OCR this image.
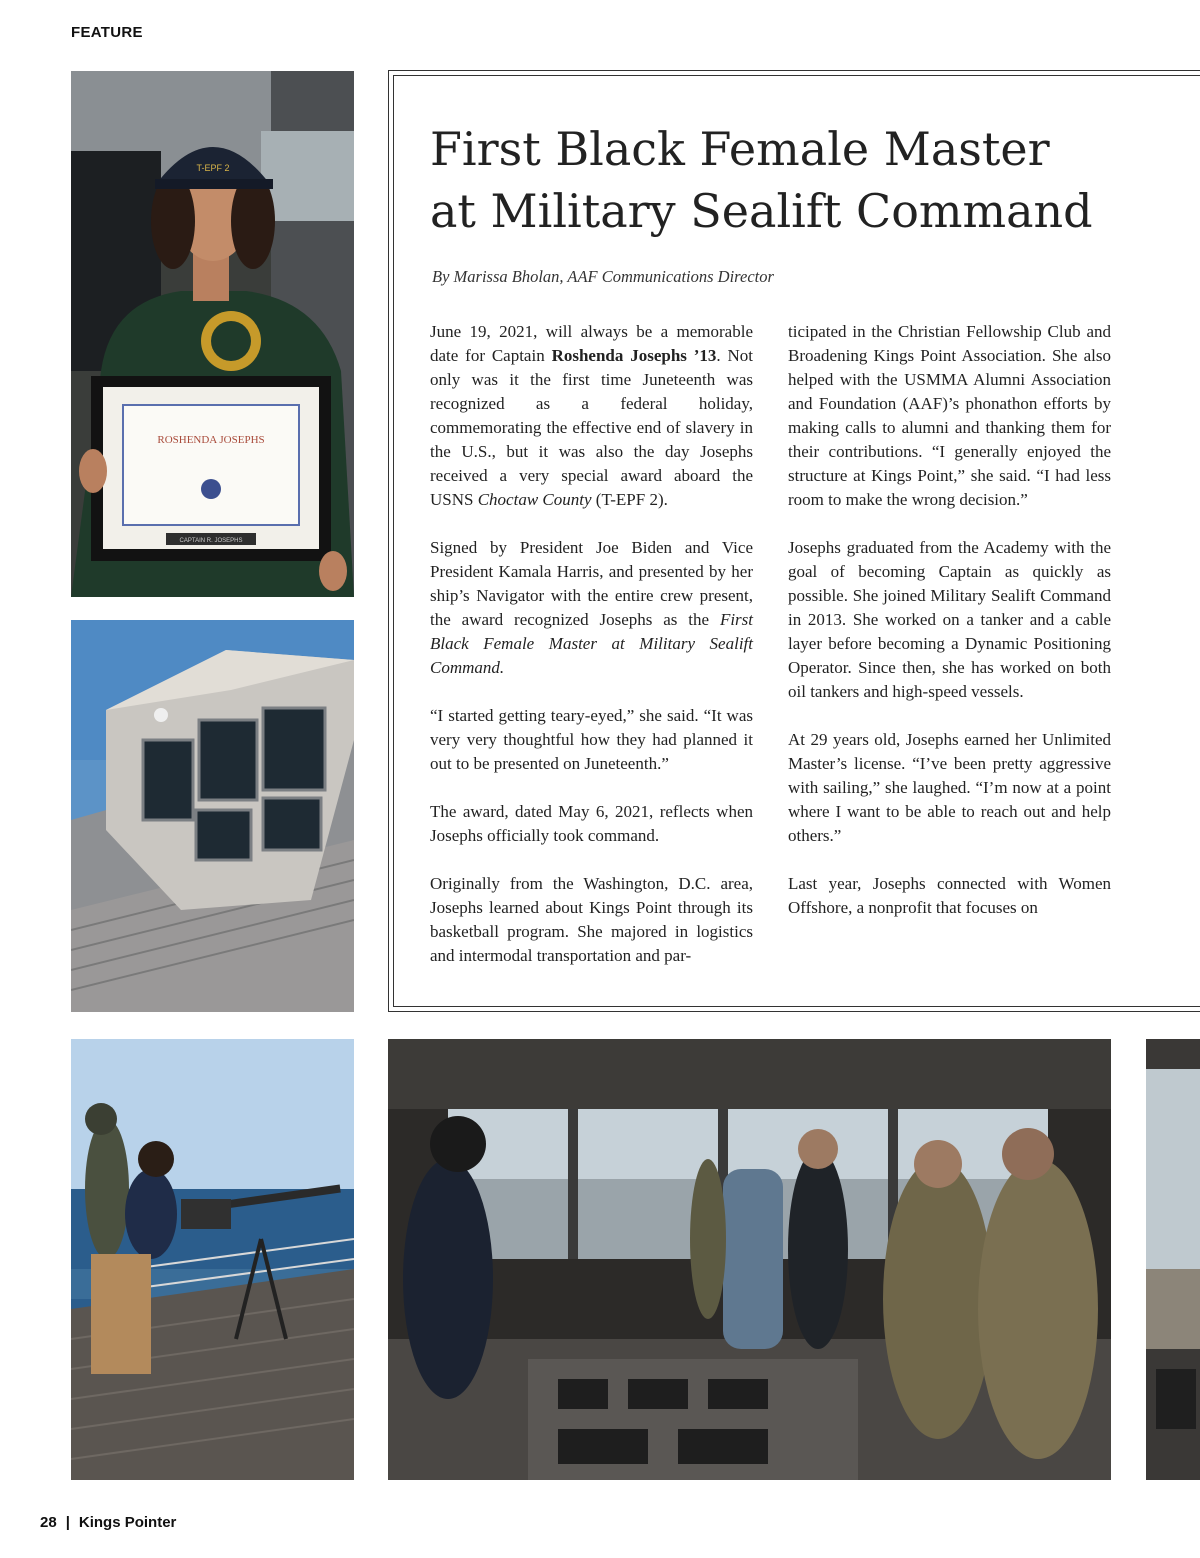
FEATURE
T-EPF 2
ROSHENDA JOSEPHS
CAPTAIN R. JOSEPHS
First Black Female Master
at Military Sealift Command
By Marissa Bholan, AAF Communications Director

June 19, 2021, will always be a memorable date for Captain Roshenda Josephs ’13. Not only was it the first time Juneteenth was recognized as a federal holiday, commemorating the effective end of slavery in the U.S., but it was also the day Josephs received a very special award aboard the USNS Choctaw County (T-EPF 2).

Signed by President Joe Biden and Vice President Kamala Harris, and presented by her ship’s Navigator with the entire crew present, the award recognized Josephs as the First Black Female Master at Military Sealift Command.

“I started getting teary-eyed,” she said. “It was very very thoughtful how they had planned it out to be presented on Juneteenth.”

The award, dated May 6, 2021, reflects when Josephs officially took command.

Originally from the Washington, D.C. area, Josephs learned about Kings Point through its basketball program. She majored in logistics and intermodal transportation and par-

ticipated in the Christian Fellowship Club and Broadening Kings Point Association. She also helped with the USMMA Alumni Association and Foundation (AAF)’s phonathon efforts by making calls to alumni and thanking them for their contributions. “I generally enjoyed the structure at Kings Point,” she said. “I had less room to make the wrong decision.”

Josephs graduated from the Academy with the goal of becoming Captain as quickly as possible. She joined Military Sealift Command in 2013. She worked on a tanker and a cable layer before becoming a Dynamic Positioning Operator. Since then, she has worked on both oil tankers and high-speed vessels.

At 29 years old, Josephs earned her Unlimited Master’s license. “I’ve been pretty aggressive with sailing,” she laughed. “I’m now at a point where I want to be able to reach out and help others.”

Last year, Josephs connected with Women Offshore, a nonprofit that focuses on

28 | Kings Pointer
